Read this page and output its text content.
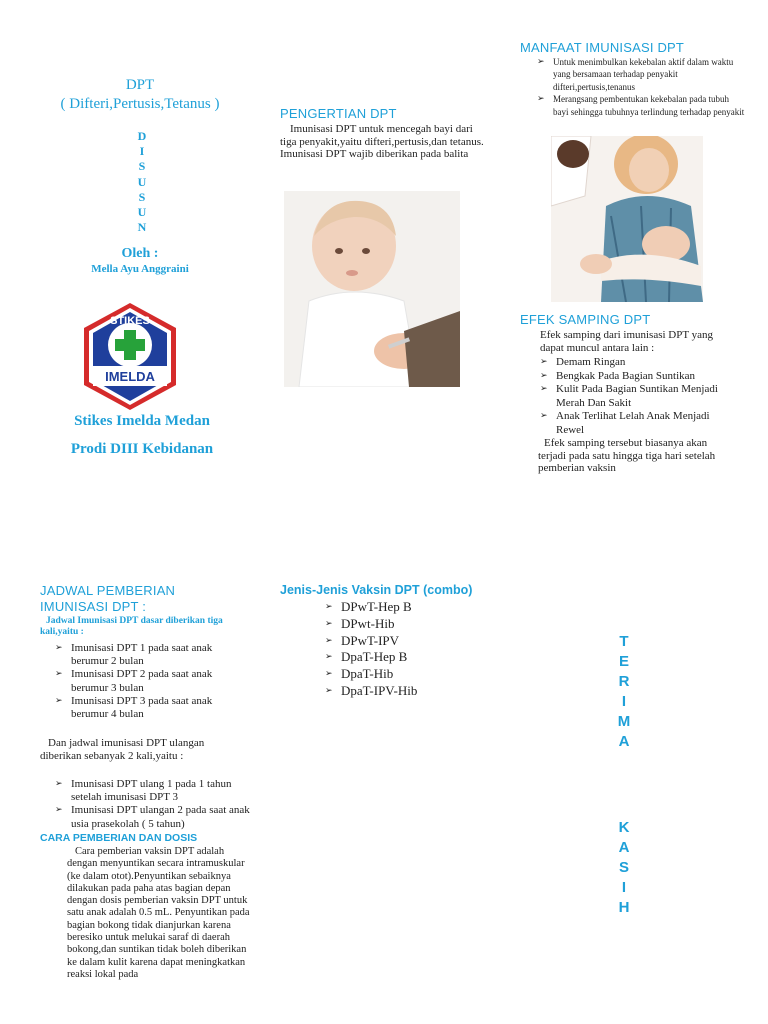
DPT
( Difteri,Pertusis,Tetanus )
D
I
S
U
S
U
N
Oleh :
Mella Ayu Anggraini
STIKES
IMELDA
Stikes Imelda Medan
Prodi DIII Kebidanan
PENGERTIAN DPT
Imunisasi DPT untuk mencegah bayi dari tiga penyakit,yaitu difteri,pertusis,dan tetanus. Imunisasi DPT wajib diberikan pada balita
MANFAAT IMUNISASI DPT
➢ Untuk menimbulkan kekebalan aktif dalam waktu yang bersamaan terhadap penyakit difteri,pertusis,tenanus
➢ Merangsang pembentukan kekebalan pada tubuh bayi sehingga tubuhnya terlindung terhadap penyakit
EFEK SAMPING DPT
Efek samping dari imunisasi DPT yang dapat muncul antara lain :
➢ Demam Ringan
➢ Bengkak Pada Bagian Suntikan
➢ Kulit Pada Bagian Suntikan Menjadi Merah Dan Sakit
➢ Anak Terlihat Lelah Anak Menjadi Rewel
Efek samping tersebut biasanya akan terjadi pada satu hingga tiga hari setelah pemberian vaksin
JADWAL PEMBERIAN
IMUNISASI DPT :
Jadwal Imunisasi DPT dasar diberikan tiga kali,yaitu :
➢ Imunisasi DPT 1 pada saat anak berumur 2 bulan
➢ Imunisasi DPT 2 pada saat anak berumur 3 bulan
➢ Imunisasi DPT 3 pada saat anak berumur 4 bulan
Dan jadwal imunisasi DPT ulangan diberikan sebanyak 2 kali,yaitu :
➢ Imunisasi DPT ulang 1 pada 1 tahun setelah imunisasi DPT 3
➢ Imunisasi DPT ulangan 2 pada saat anak usia prasekolah ( 5 tahun)
CARA PEMBERIAN DAN DOSIS
Cara pemberian vaksin DPT adalah dengan menyuntikan secara intramuskular (ke dalam otot).Penyuntikan sebaiknya dilakukan pada paha atas bagian depan dengan dosis pemberian vaksin DPT untuk satu anak adalah 0.5 mL. Penyuntikan pada bagian bokong tidak dianjurkan karena beresiko untuk melukai saraf di daerah bokong,dan suntikan tidak boleh diberikan ke dalam kulit karena dapat meningkatkan reaksi lokal pada
Jenis-Jenis Vaksin DPT (combo)
➢ DPwT-Hep B
➢ DPwt-Hib
➢ DPwT-IPV
➢ DpaT-Hep B
➢ DpaT-Hib
➢ DpaT-IPV-Hib
T
E
R
I
M
A
K
A
S
I
H
